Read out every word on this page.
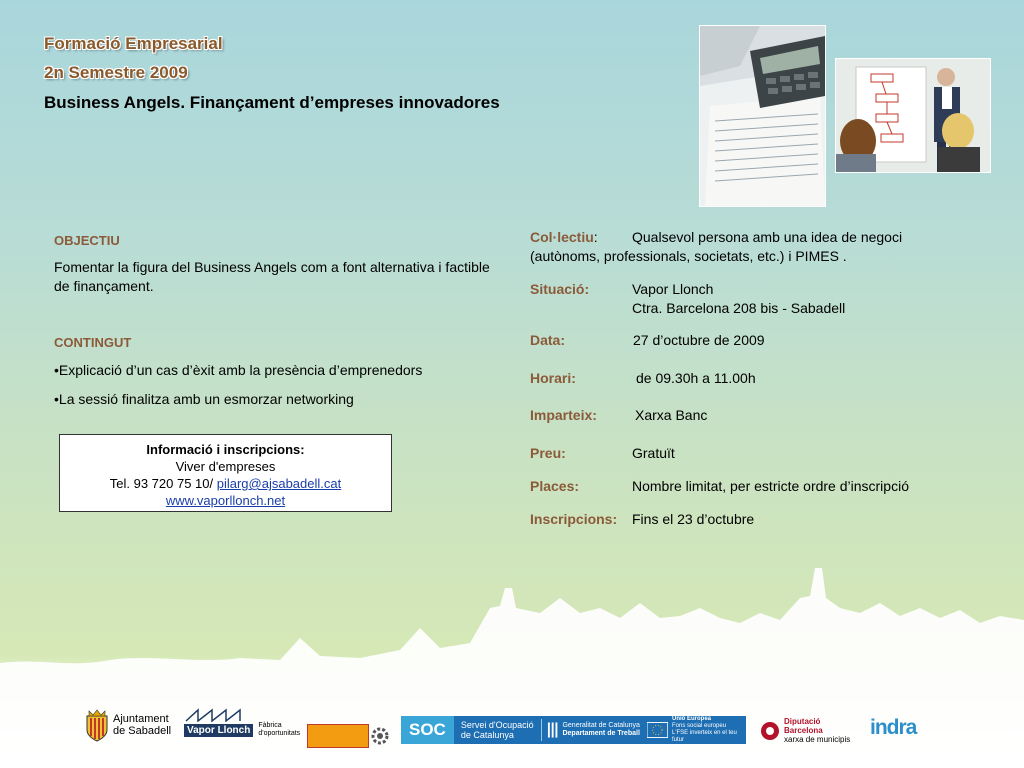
Formació Empresarial
2n Semestre 2009
Business Angels. Finançament d’empreses innovadores
OBJECTIU
Fomentar la figura del Business Angels com a font alternativa i factible de finançament.
CONTINGUT
•Explicació d’un cas d’èxit amb la presència d’emprenedors
•La sessió finalitza amb un esmorzar networking
Informació i inscripcions:
Viver d'empreses
Tel. 93 720 75 10/ pilarg@ajsabadell.cat
www.vaporllonch.net
Col·lectiu: Qualsevol persona amb una idea de negoci
(autònoms, professionals, societats, etc.) i PIMES .
Situació:	Vapor Llonch
Ctra. Barcelona 208 bis - Sabadell
Data:	27 d’octubre de 2009
Horari:	de 09.30h a 11.00h
Imparteix:	Xarxa Banc
Preu:	Gratuït
Places:	Nombre limitat, per estricte ordre d’inscripció
Inscripcions: Fins el 23 d’octubre
Ajuntament
de Sabadell	Vapor Llonch	Fàbrica
d'oportunitats	SOC	Servei d'Ocupació
de Catalunya
Generalitat de Catalunya
Departament de Treball
Unió Europea
Fons social europeu
L'FSE inverteix en el teu futur
Diputació
Barcelona
xarxa de municipis
indra
